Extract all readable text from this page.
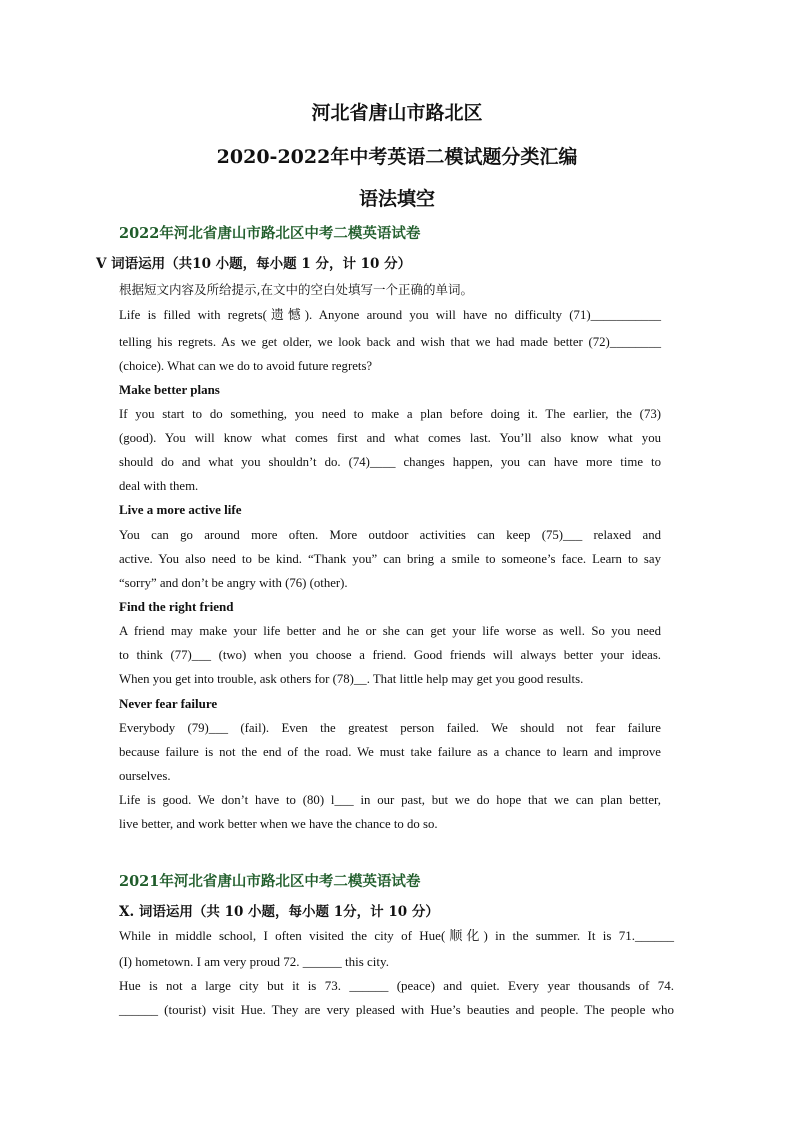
河北省唐山市路北区
2020-2022年中考英语二模试题分类汇编
语法填空
2022年河北省唐山市路北区中考二模英语试卷
V 词语运用（共10 小题，每小题 1 分，计 10 分）
根据短文内容及所给提示,在文中的空白处填写一个正确的单词。
Life is filled with regrets(遗憾). Anyone around you will have no difficulty (71)___________
telling his regrets. As we get older, we look back and wish that we had made better (72)________
(choice). What can we do to avoid future regrets?
Make better plans
If you start to do something, you need to make a plan before doing it. The earlier, the (73)
(good). You will know what comes first and what comes last. You’ll also know what you
should do and what you shouldn’t do. (74)____ changes happen, you can have more time to
deal with them.
Live a more active life
You can go around more often. More outdoor activities can keep (75)___ relaxed and
active. You also need to be kind. “Thank you” can bring a smile to someone’s face. Learn to say
“sorry” and don’t be angry with (76) (other).
Find the right friend
A friend may make your life better and he or she can get your life worse as well. So you need
to think (77)___ (two) when you choose a friend. Good friends will always better your ideas.
When you get into trouble, ask others for (78)__. That little help may get you good results.
Never fear failure
Everybody (79)___ (fail). Even the greatest person failed. We should not fear failure
because failure is not the end of the road. We must take failure as a chance to learn and improve
ourselves.
Life is good. We don’t have to (80) l___ in our past, but we do hope that we can plan better,
live better, and work better when we have the chance to do so.
2021年河北省唐山市路北区中考二模英语试卷
X. 词语运用（共 10 小题，每小题 1分，计 10 分）
While in middle school, I often visited the city of Hue(顺化) in the summer. It is 71.______
(I) hometown. I am very proud 72. ______ this city.
Hue is not a large city but it is 73. ______ (peace) and quiet. Every year thousands of 74.
______ (tourist) visit Hue. They are very pleased with Hue’s beauties and people. The people who
